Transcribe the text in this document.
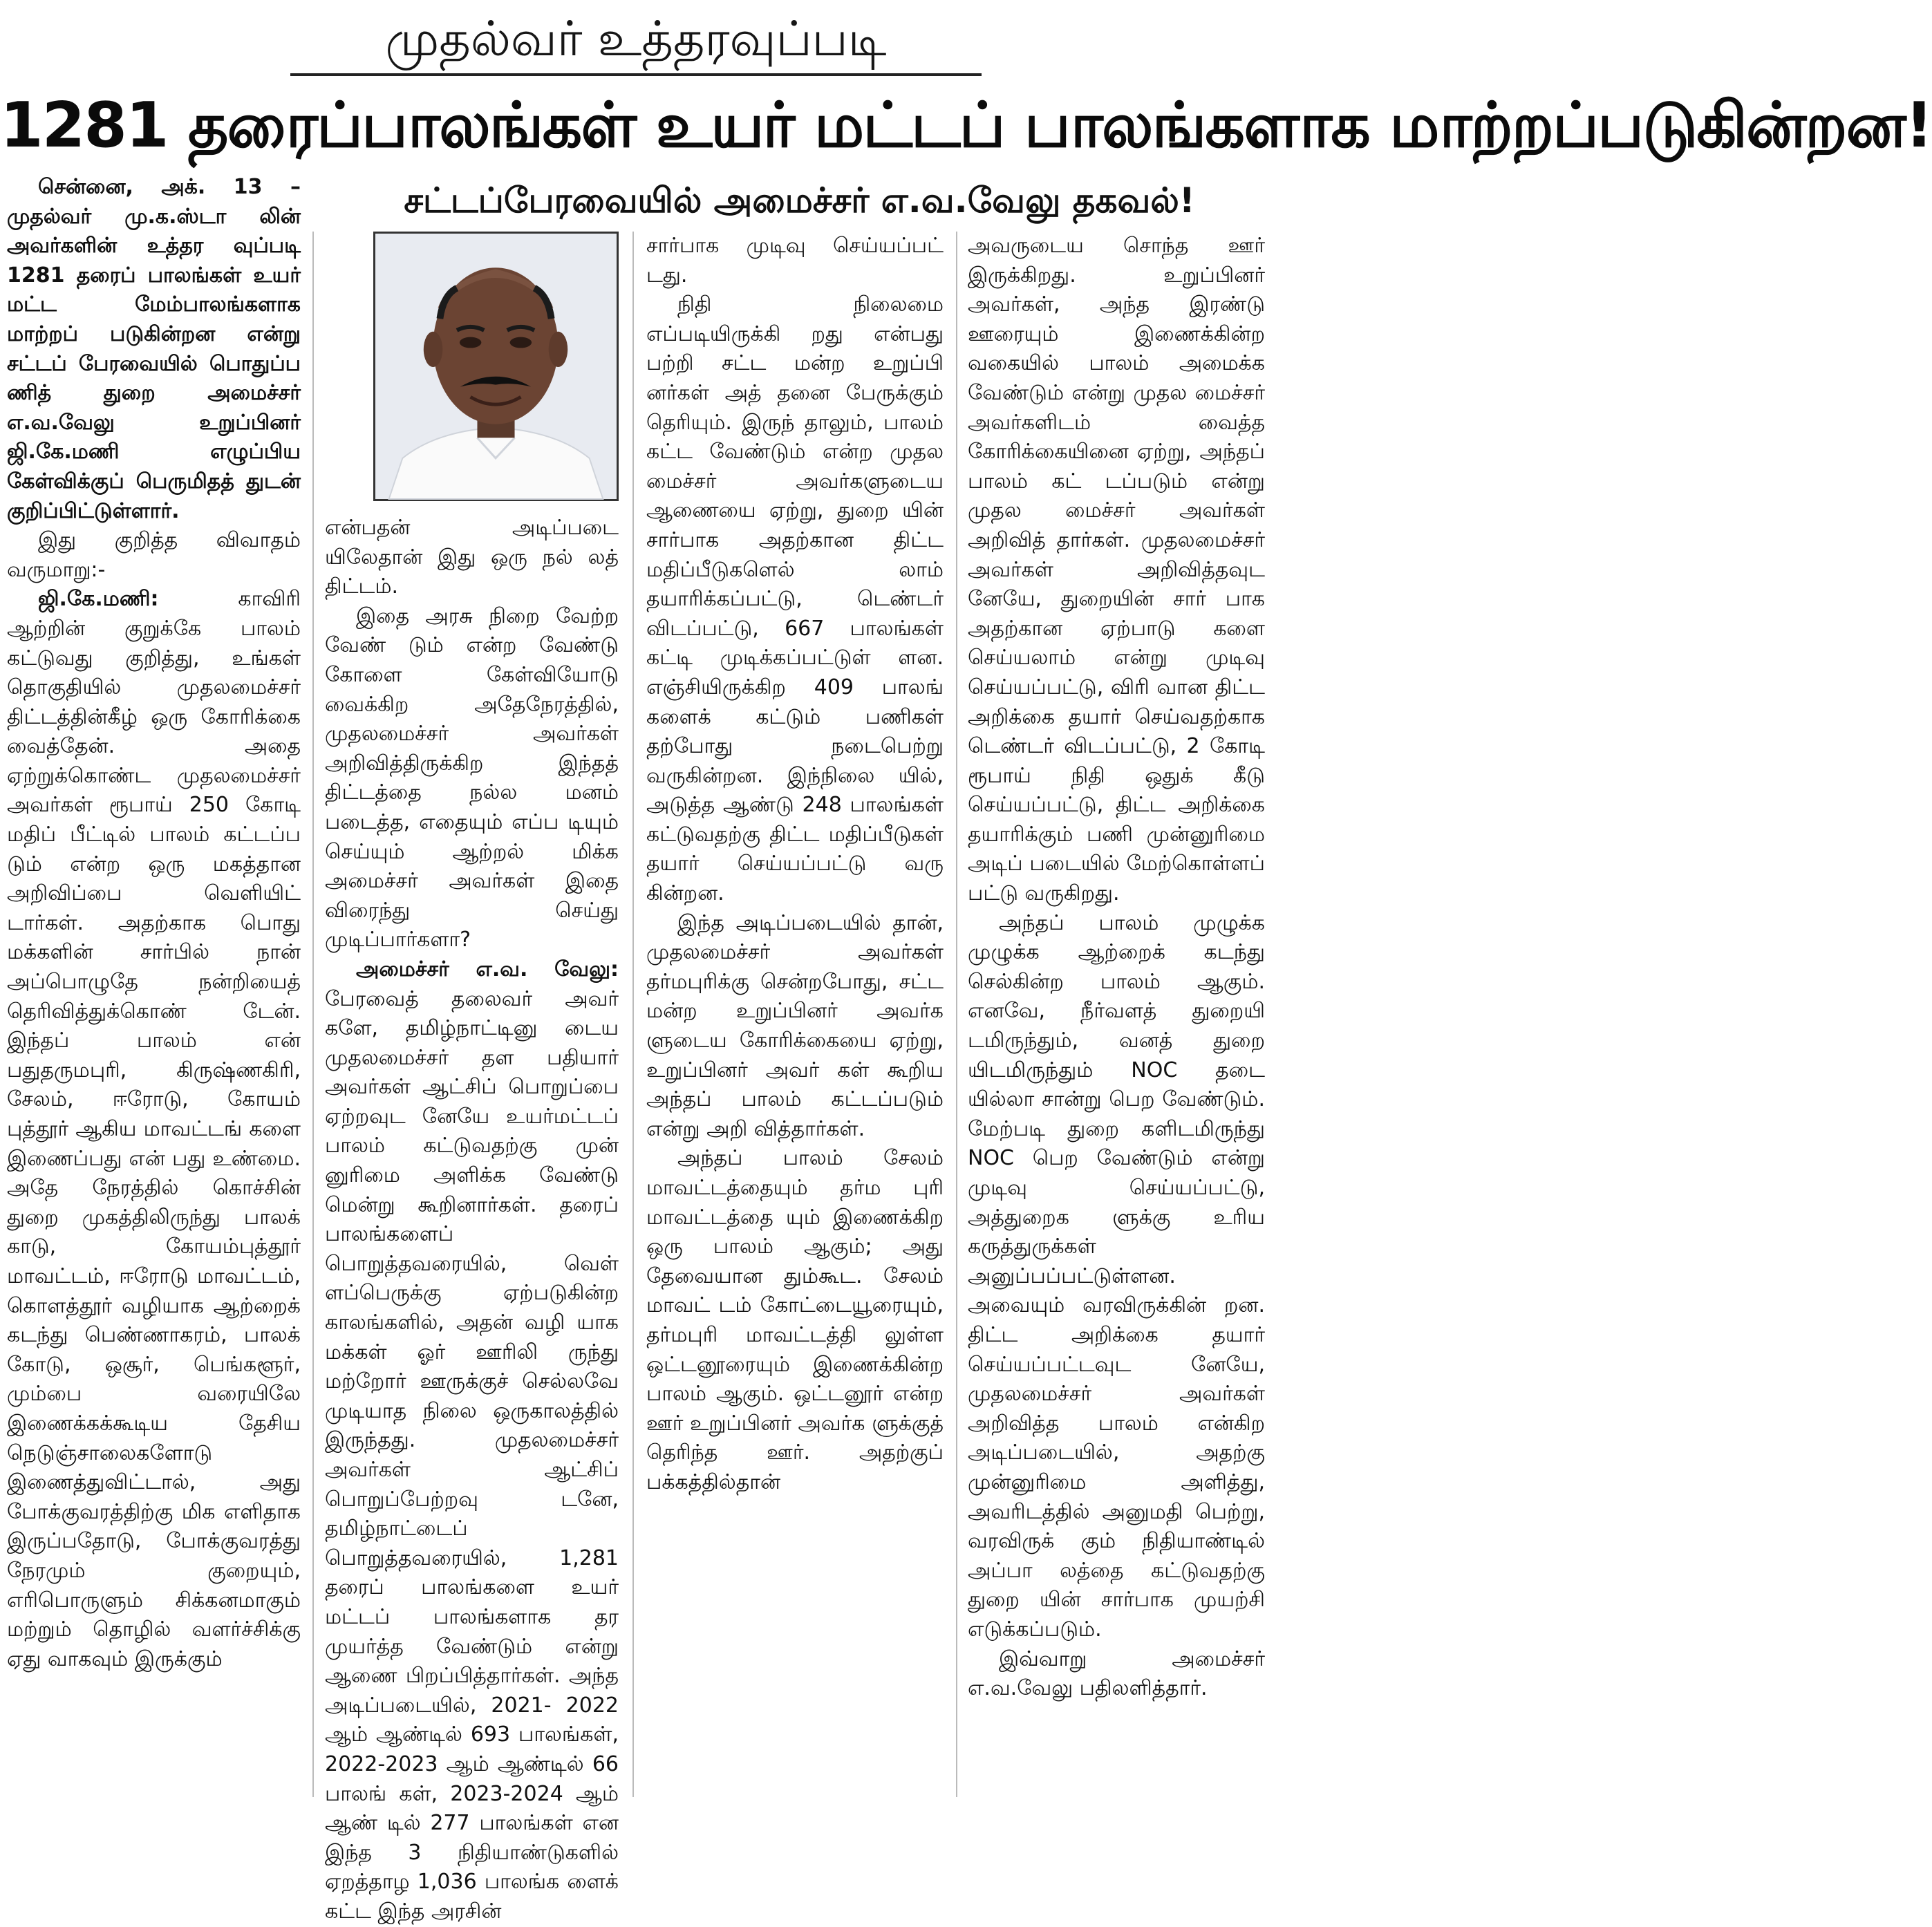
முதல்வர் உத்தரவுப்படி
1281 தரைப்பாலங்கள் உயர் மட்டப் பாலங்களாக மாற்றப்படுகின்றன!
சட்டப்பேரவையில் அமைச்சர் எ.வ.வேலு தகவல்!

சென்னை, அக். 13 – முதல்வர் மு.க.ஸ்டா லின் அவர்களின் உத்தர வுப்படி 1281 தரைப் பாலங்கள் உயர் மட்ட மேம்பாலங்களாக மாற்றப் படுகின்றன என்று சட்டப் பேரவையில் பொதுப்ப ணித் துறை அமைச்சர் எ.வ.வேலு உறுப்பினர் ஜி.கே.மணி எழுப்பிய கேள்விக்குப் பெருமிதத் துடன் குறிப்பிட்டுள்ளார்.

இது குறித்த விவாதம் வருமாறு:-

ஜி.கே.மணி:	காவிரி ஆற்றின் குறுக்கே பாலம் கட்டுவது குறித்து, உங்கள் தொகுதியில் முதலமைச்சர் திட்டத்தின்கீழ் ஒரு கோரிக்கை வைத்தேன். அதை ஏற்றுக்கொண்ட முதலமைச்சர் அவர்கள் ரூபாய் 250 கோடி மதிப் பீட்டில் பாலம் கட்டப்ப டும் என்ற ஒரு மகத்தான அறிவிப்பை வெளியிட் டார்கள். அதற்காக பொது மக்களின் சார்பில் நான் அப்பொழுதே நன்றியைத் தெரிவித்துக்கொண் டேன். இந்தப் பாலம் என் பதுதருமபுரி, கிருஷ்ணகிரி, சேலம், ஈரோடு, கோயம் புத்தூர் ஆகிய மாவட்டங் களை இணைப்பது என் பது உண்மை. அதே நேரத்தில் கொச்சின் துறை முகத்திலிருந்து பாலக் காடு, கோயம்புத்தூர் மாவட்டம், ஈரோடு மாவட்டம், கொளத்தூர் வழியாக ஆற்றைக் கடந்து பெண்ணாகரம், பாலக் கோடு, ஒசூர், பெங்களூர், மும்பை வரையிலே இணைக்கக்கூடிய தேசிய நெடுஞ்சாலைகளோடு இணைத்துவிட்டால், அது போக்குவரத்திற்கு மிக எளிதாக இருப்பதோடு, போக்குவரத்து நேரமும் குறையும், எரிபொருளும் சிக்கனமாகும் மற்றும் தொழில் வளர்ச்சிக்கு ஏது வாகவும் இருக்கும்

என்பதன் அடிப்படை யிலேதான் இது ஒரு நல் லத் திட்டம்.

இதை அரசு நிறை வேற்ற வேண் டும் என்ற வேண்டு கோளை கேள்வியோடு வைக்கிற அதேநேரத்தில், முதலமைச்சர் அவர்கள் அறிவித்திருக்கிற இந்தத் திட்டத்தை நல்ல மனம் படைத்த, எதையும் எப்ப டியும் செய்யும் ஆற்றல் மிக்க அமைச்சர் அவர்கள் இதை விரைந்து செய்து முடிப்பார்களா?

அமைச்சர் எ.வ. வேலு: பேரவைத் தலைவர் அவர் களே, தமிழ்நாட்டினு டைய முதலமைச்சர் தள பதியார் அவர்கள் ஆட்சிப் பொறுப்பை ஏற்றவுட னேயே உயர்மட்டப் பாலம் கட்டுவதற்கு முன் னுரிமை அளிக்க வேண்டு மென்று கூறினார்கள். தரைப் பாலங்களைப் பொறுத்தவரையில், வெள் ளப்பெருக்கு ஏற்படுகின்ற காலங்களில், அதன் வழி யாக மக்கள் ஓர் ஊரிலி ருந்து மற்றோர் ஊருக்குச் செல்லவே முடியாத நிலை ஒருகாலத்தில் இருந்தது. முதலமைச்சர் அவர்கள் ஆட்சிப் பொறுப்பேற்றவு டனே, தமிழ்நாட்டைப் பொறுத்தவரையில், 1,281 தரைப் பாலங்களை உயர் மட்டப் பாலங்களாக தர முயர்த்த வேண்டும் என்று ஆணை பிறப்பித்தார்கள். அந்த அடிப்படையில், 2021- 2022 ஆம் ஆண்டில் 693 பாலங்கள், 2022-2023 ஆம் ஆண்டில் 66 பாலங் கள், 2023-2024 ஆம் ஆண் டில் 277 பாலங்கள் என இந்த 3 நிதியாண்டுகளில் ஏறத்தாழ 1,036 பாலங்க ளைக் கட்ட இந்த அரசின்

சார்பாக முடிவு செய்யப்பட் டது.

நிதி நிலைமை எப்படியிருக்கி றது என்பது பற்றி சட்ட மன்ற உறுப்பி னர்கள் அத் தனை பேருக்கும் தெரியும். இருந் தாலும், பாலம் கட்ட வேண்டும் என்ற முதல மைச்சர் அவர்களுடைய ஆணையை ஏற்று, துறை யின் சார்பாக அதற்கான திட்ட மதிப்பீடுகளெல் லாம் தயாரிக்கப்பட்டு, டெண்டர் விடப்பட்டு, 667 பாலங்கள் கட்டி முடிக்கப்பட்டுள் ளன. எஞ்சியிருக்கிற 409 பாலங் களைக் கட்டும் பணிகள் தற்போது நடைபெற்று வருகின்றன. இந்நிலை யில், அடுத்த ஆண்டு 248 பாலங்கள் கட்டுவதற்கு திட்ட மதிப்பீடுகள் தயார் செய்யப்பட்டு வரு கின்றன.

இந்த அடிப்படையில் தான், முதலமைச்சர் அவர்கள் தர்மபுரிக்கு சென்றபோது, சட்ட மன்ற உறுப்பினர் அவர்க ளுடைய கோரிக்கையை ஏற்று, உறுப்பினர் அவர் கள் கூறிய அந்தப் பாலம் கட்டப்படும் என்று அறி வித்தார்கள்.

அந்தப் பாலம் சேலம் மாவட்டத்தையும் தர்ம புரி மாவட்டத்தை யும் இணைக்கிற ஒரு பாலம் ஆகும்; அது தேவையான தும்கூட. சேலம் மாவட் டம் கோட்டையூரையும், தர்மபுரி மாவட்டத்தி லுள்ள ஒட்டனூரையும் இணைக்கின்ற பாலம் ஆகும். ஒட்டனூர் என்ற ஊர் உறுப்பினர் அவர்க ளுக்குத் தெரிந்த ஊர். அதற்குப் பக்கத்தில்தான்

அவருடைய சொந்த ஊர் இருக்கிறது. உறுப்பினர் அவர்கள், அந்த இரண்டு ஊரையும் இணைக்கின்ற வகையில் பாலம் அமைக்க வேண்டும் என்று முதல மைச்சர் அவர்களிடம் வைத்த கோரிக்கையினை ஏற்று, அந்தப் பாலம் கட் டப்படும் என்று முதல மைச்சர் அவர்கள் அறிவித் தார்கள். முதலமைச்சர் அவர்கள் அறிவித்தவுட னேயே, துறையின் சார் பாக அதற்கான ஏற்பாடு களை செய்யலாம் என்று முடிவு செய்யப்பட்டு, விரி வான திட்ட அறிக்கை தயார் செய்வதற்காக டெண்டர் விடப்பட்டு, 2 கோடி ரூபாய் நிதி ஒதுக் கீடு செய்யப்பட்டு, திட்ட அறிக்கை தயாரிக்கும் பணி முன்னுரிமை அடிப் படையில் மேற்கொள்ளப் பட்டு வருகிறது.

அந்தப் பாலம் முழுக்க முழுக்க ஆற்றைக் கடந்து செல்கின்ற பாலம் ஆகும். எனவே, நீர்வளத் துறையி டமிருந்தும், வனத் துறை யிடமிருந்தும் NOC தடை யில்லா சான்று பெற வேண்டும். மேற்படி துறை களிடமிருந்து NOC பெற வேண்டும் என்று முடிவு செய்யப்பட்டு, அத்துறைக ளுக்கு உரிய கருத்துருக்கள் அனுப்பப்பட்டுள்ளன. அவையும் வரவிருக்கின் றன. திட்ட அறிக்கை தயார் செய்யப்பட்டவுட னேயே, முதலமைச்சர் அவர்கள் அறிவித்த பாலம் என்கிற அடிப்படையில், அதற்கு முன்னுரிமை அளித்து, அவரிடத்தில் அனுமதி பெற்று, வரவிருக் கும் நிதியாண்டில் அப்பா லத்தை கட்டுவதற்கு துறை யின் சார்பாக முயற்சி எடுக்கப்படும்.

இவ்வாறு அமைச்சர் எ.வ.வேலு பதிலளித்தார்.
